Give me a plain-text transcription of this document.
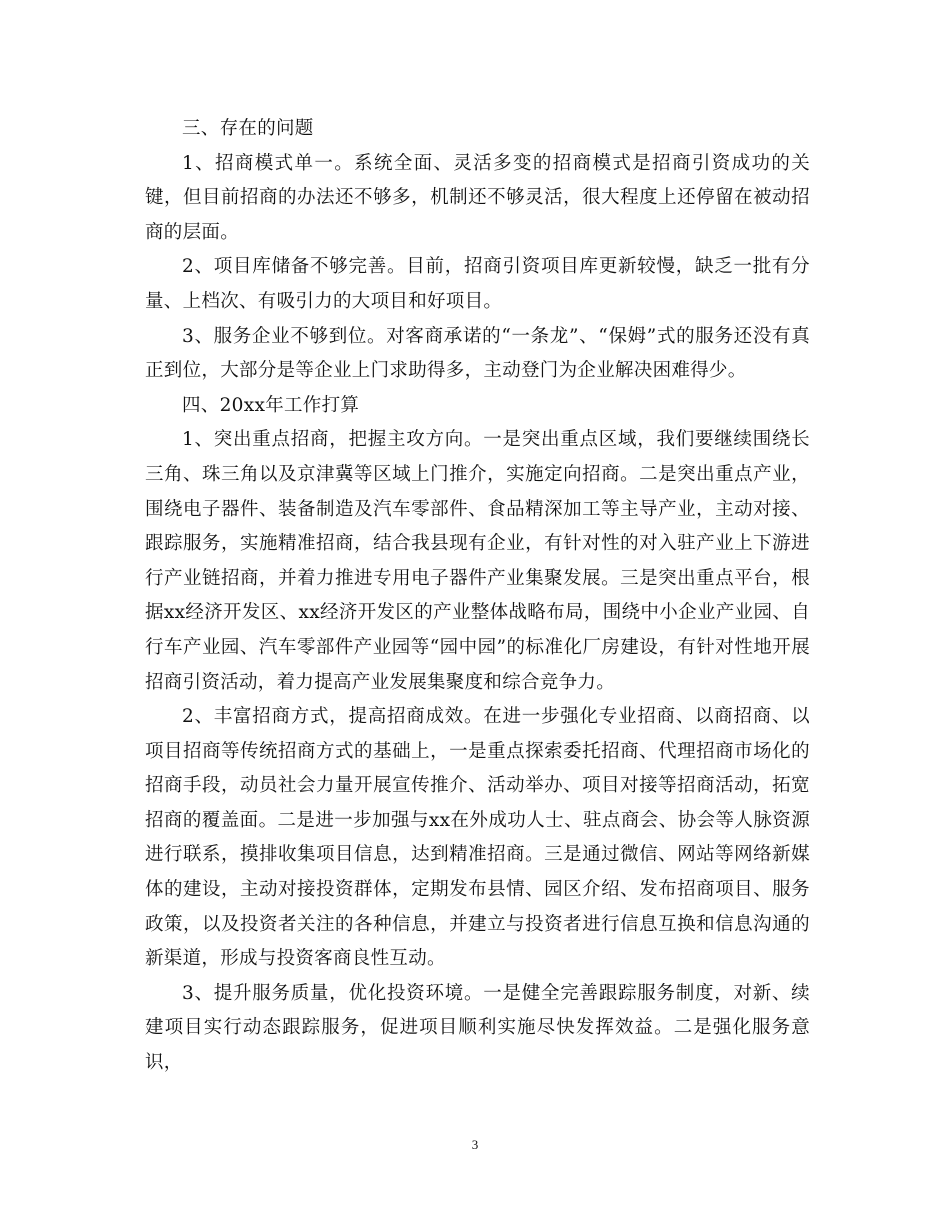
三、存在的问题

1、招商模式单一。系统全面、灵活多变的招商模式是招商引资成功的关键，但目前招商的办法还不够多，机制还不够灵活，很大程度上还停留在被动招商的层面。

2、项目库储备不够完善。目前，招商引资项目库更新较慢，缺乏一批有分量、上档次、有吸引力的大项目和好项目。

3、服务企业不够到位。对客商承诺的“一条龙”、“保姆”式的服务还没有真正到位，大部分是等企业上门求助得多，主动登门为企业解决困难得少。

四、20xx年工作打算

1、突出重点招商，把握主攻方向。一是突出重点区域，我们要继续围绕长三角、珠三角以及京津冀等区域上门推介，实施定向招商。二是突出重点产业，围绕电子器件、装备制造及汽车零部件、食品精深加工等主导产业，主动对接、跟踪服务，实施精准招商，结合我县现有企业，有针对性的对入驻产业上下游进行产业链招商，并着力推进专用电子器件产业集聚发展。三是突出重点平台，根据xx经济开发区、xx经济开发区的产业整体战略布局，围绕中小企业产业园、自行车产业园、汽车零部件产业园等“园中园”的标准化厂房建设，有针对性地开展招商引资活动，着力提高产业发展集聚度和综合竞争力。

2、丰富招商方式，提高招商成效。在进一步强化专业招商、以商招商、以项目招商等传统招商方式的基础上，一是重点探索委托招商、代理招商市场化的招商手段，动员社会力量开展宣传推介、活动举办、项目对接等招商活动，拓宽招商的覆盖面。二是进一步加强与xx在外成功人士、驻点商会、协会等人脉资源进行联系，摸排收集项目信息，达到精准招商。三是通过微信、网站等网络新媒体的建设，主动对接投资群体，定期发布县情、园区介绍、发布招商项目、服务政策，以及投资者关注的各种信息，并建立与投资者进行信息互换和信息沟通的新渠道，形成与投资客商良性互动。

3、提升服务质量，优化投资环境。一是健全完善跟踪服务制度，对新、续建项目实行动态跟踪服务，促进项目顺利实施尽快发挥效益。二是强化服务意识，

3
